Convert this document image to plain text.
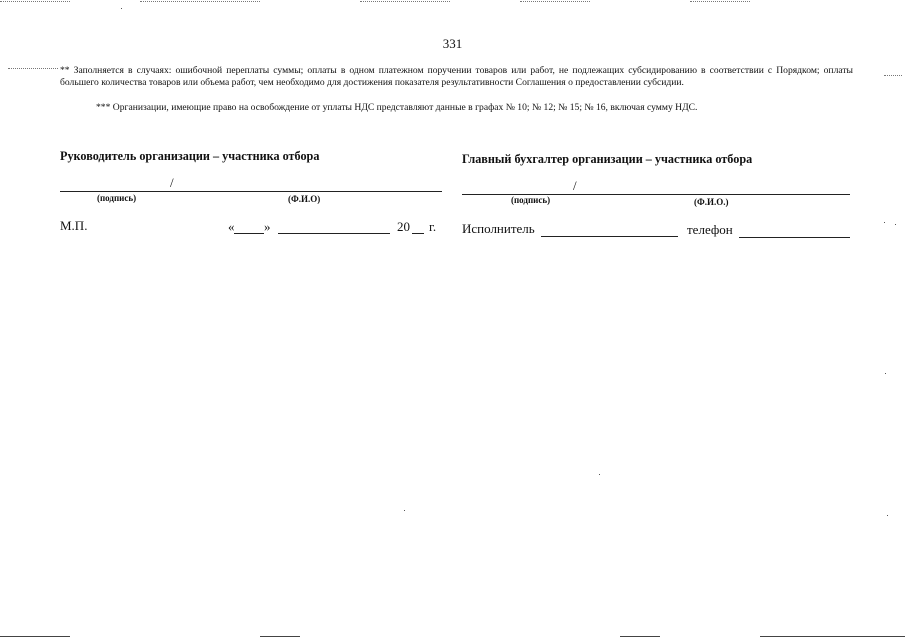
331
** Заполняется в случаях: ошибочной переплаты суммы; оплаты в одном платежном поручении товаров или работ, не подлежащих субсидированию в соответствии с Порядком; оплаты большего количества товаров или объема работ, чем необходимо для достижения показателя результативности Соглашения о предоставлении субсидии.
*** Организации, имеющие право на освобождение от уплаты НДС представляют данные в графах № 10; № 12; № 15; № 16, включая сумму НДС.
Руководитель организации – участника отбора
/
(подпись)	(Ф.И.О)
М.П.	« »	20 г.
Главный бухгалтер организации – участника отбора
/
(подпись)	(Ф.И.О.)
Исполнитель	телефон
